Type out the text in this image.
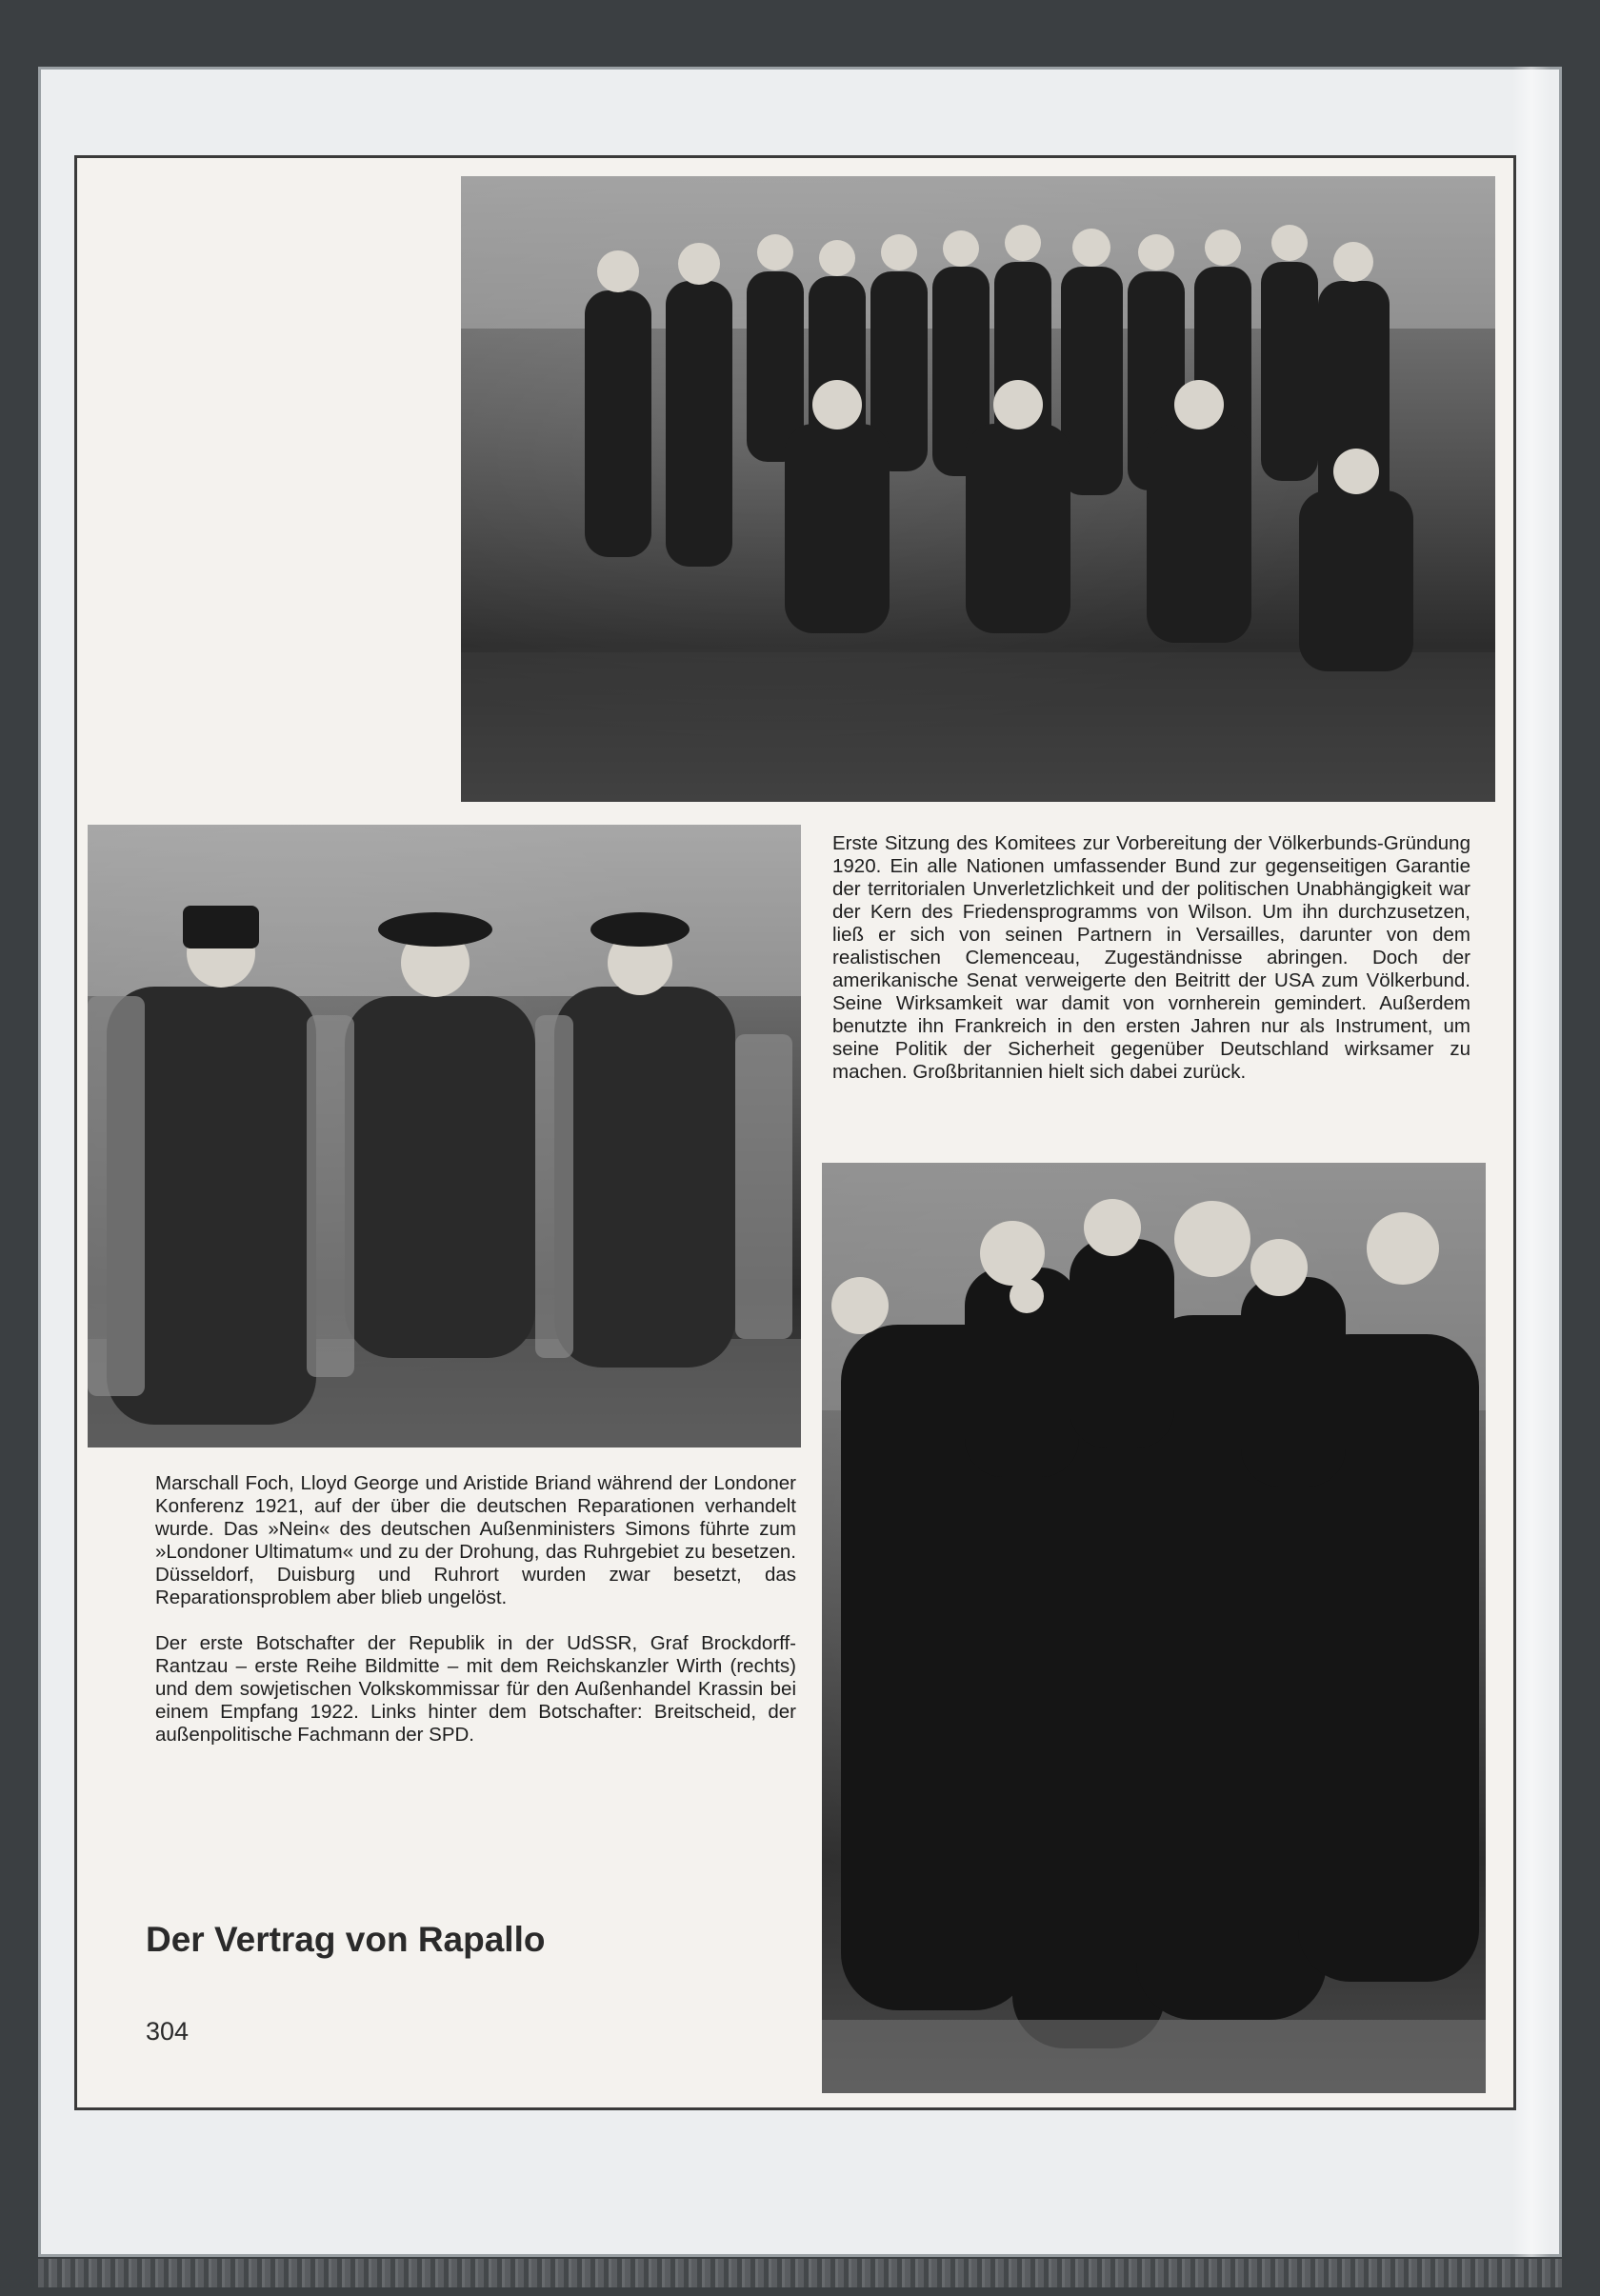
Erste Sitzung des Komitees zur Vorbereitung der Völkerbunds-Gründung 1920. Ein alle Nationen umfassender Bund zur gegenseitigen Garantie der territorialen Unverletzlichkeit und der politischen Unabhängigkeit war der Kern des Friedensprogramms von Wilson. Um ihn durchzusetzen, ließ er sich von seinen Partnern in Versailles, darunter von dem realistischen Clemenceau, Zugeständnisse abringen. Doch der amerikanische Senat verweigerte den Beitritt der USA zum Völkerbund. Seine Wirksamkeit war damit von vornherein gemindert. Außerdem benutzte ihn Frankreich in den ersten Jahren nur als Instrument, um seine Politik der Sicherheit gegenüber Deutschland wirksamer zu machen. Großbritannien hielt sich dabei zurück.

Marschall Foch, Lloyd George und Aristide Briand während der Londoner Konferenz 1921, auf der über die deutschen Reparationen verhandelt wurde. Das »Nein« des deutschen Außenministers Simons führte zum »Londoner Ultimatum« und zu der Drohung, das Ruhrgebiet zu besetzen. Düsseldorf, Duisburg und Ruhrort wurden zwar besetzt, das Reparationsproblem aber blieb ungelöst.

Der erste Botschafter der Republik in der UdSSR, Graf Brockdorff-Rantzau – erste Reihe Bildmitte – mit dem Reichskanzler Wirth (rechts) und dem sowjetischen Volkskommissar für den Außenhandel Krassin bei einem Empfang 1922. Links hinter dem Botschafter: Breitscheid, der außenpolitische Fachmann der SPD.

Der Vertrag von Rapallo
304
